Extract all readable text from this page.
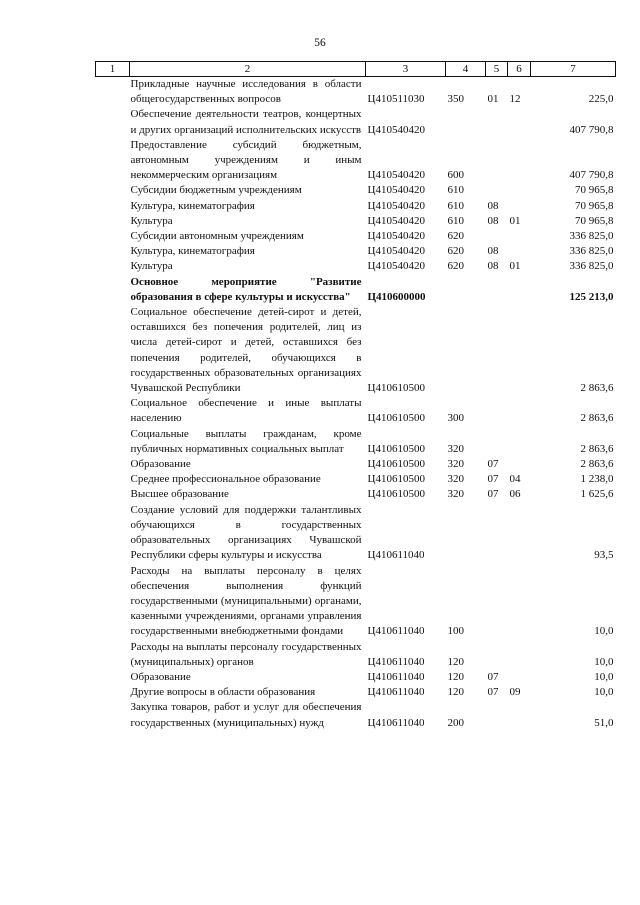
56
1	2	3	4	5	6	7
	Прикладные научные исследования в области общегосударственных вопросов	Ц410511030	350	01	12	225,0
	Обеспечение деятельности театров, концертных и других организаций исполнительских искусств	Ц410540420				407 790,8
	Предоставление субсидий бюджетным, автономным учреждениям и иным некоммерческим организациям	Ц410540420	600			407 790,8
	Субсидии бюджетным учреждениям	Ц410540420	610			70 965,8
	Культура, кинематография	Ц410540420	610	08		70 965,8
	Культура	Ц410540420	610	08	01	70 965,8
	Субсидии автономным учреждениям	Ц410540420	620			336 825,0
	Культура, кинематография	Ц410540420	620	08		336 825,0
	Культура	Ц410540420	620	08	01	336 825,0
	Основное мероприятие "Развитие образования в сфере культуры и искусства"	Ц410600000				125 213,0
	Социальное обеспечение детей-сирот и детей, оставшихся без попечения родителей, лиц из числа детей-сирот и детей, оставшихся без попечения родителей, обучающихся в государственных образовательных организациях Чувашской Республики	Ц410610500				2 863,6
	Социальное обеспечение и иные выплаты населению	Ц410610500	300			2 863,6
	Социальные выплаты гражданам, кроме публичных нормативных социальных выплат	Ц410610500	320			2 863,6
	Образование	Ц410610500	320	07		2 863,6
	Среднее профессиональное образование	Ц410610500	320	07	04	1 238,0
	Высшее образование	Ц410610500	320	07	06	1 625,6
	Создание условий для поддержки талантливых обучающихся в государственных образовательных организациях Чувашской Республики сферы культуры и искусства	Ц410611040				93,5
	Расходы на выплаты персоналу в целях обеспечения выполнения функций государственными (муниципальными) органами, казенными учреждениями, органами управления государственными внебюджетными фондами	Ц410611040	100			10,0
	Расходы на выплаты персоналу государственных (муниципальных) органов	Ц410611040	120			10,0
	Образование	Ц410611040	120	07		10,0
	Другие вопросы в области образования	Ц410611040	120	07	09	10,0
	Закупка товаров, работ и услуг для обеспечения государственных (муниципальных) нужд	Ц410611040	200			51,0
